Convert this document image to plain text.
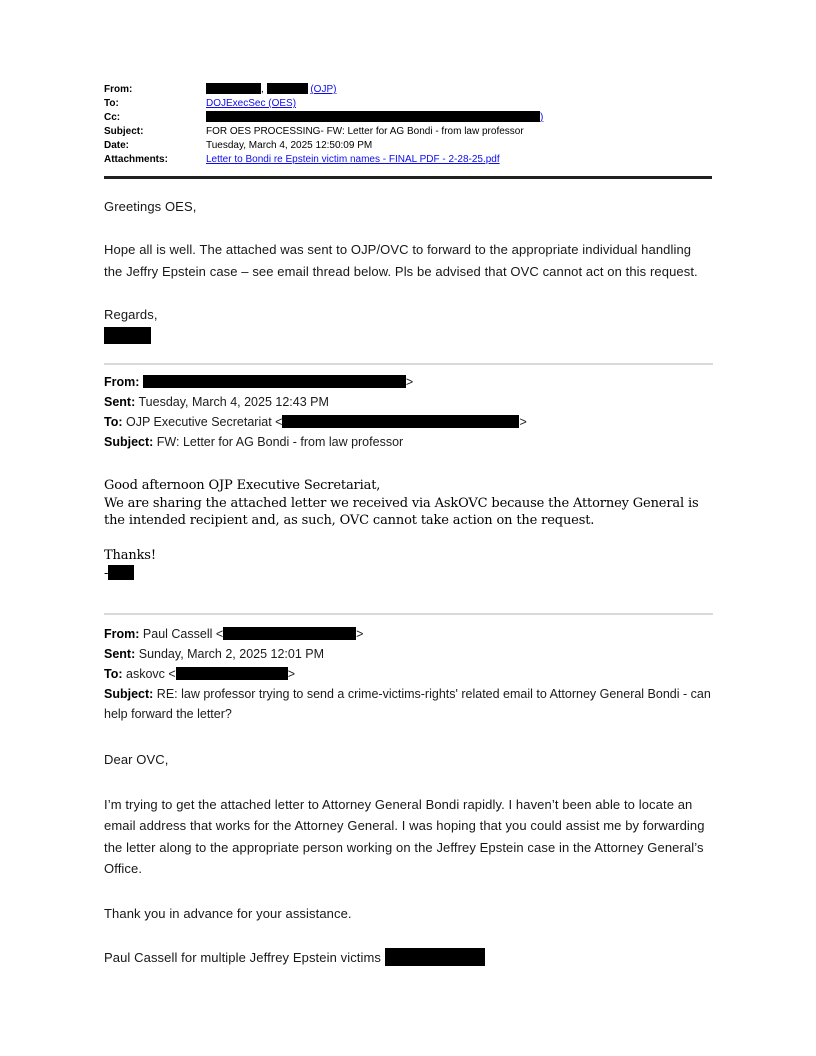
From:	,	(OJP)
To:	DOJExecSec (OES)
Cc:	)
Subject:	FOR OES PROCESSING- FW: Letter for AG Bondi - from law professor
Date:	Tuesday, March 4, 2025 12:50:09 PM
Attachments:	Letter to Bondi re Epstein victim names - FINAL PDF - 2-28-25.pdf

Greetings OES,

Hope all is well. The attached was sent to OJP/OVC to forward to the appropriate individual handling the Jeffry Epstein case – see email thread below. Pls be advised that OVC cannot act on this request.

Regards,

From:	>
Sent: Tuesday, March 4, 2025 12:43 PM
To: OJP Executive Secretariat <	>
Subject: FW: Letter for AG Bondi - from law professor

Good afternoon OJP Executive Secretariat,

We are sharing the attached letter we received via AskOVC because the Attorney General is the intended recipient and, as such, OVC cannot take action on the request.

Thanks!

-

From: Paul Cassell <	>
Sent: Sunday, March 2, 2025 12:01 PM
To: askovc <	>
Subject: RE: law professor trying to send a crime-victims-rights' related email to Attorney General Bondi - can help forward the letter?

Dear OVC,

I’m trying to get the attached letter to Attorney General Bondi rapidly. I haven’t been able to locate an email address that works for the Attorney General. I was hoping that you could assist me by forwarding the letter along to the appropriate person working on the Jeffrey Epstein case in the Attorney General’s Office.

Thank you in advance for your assistance.

Paul Cassell for multiple Jeffrey Epstein victims
